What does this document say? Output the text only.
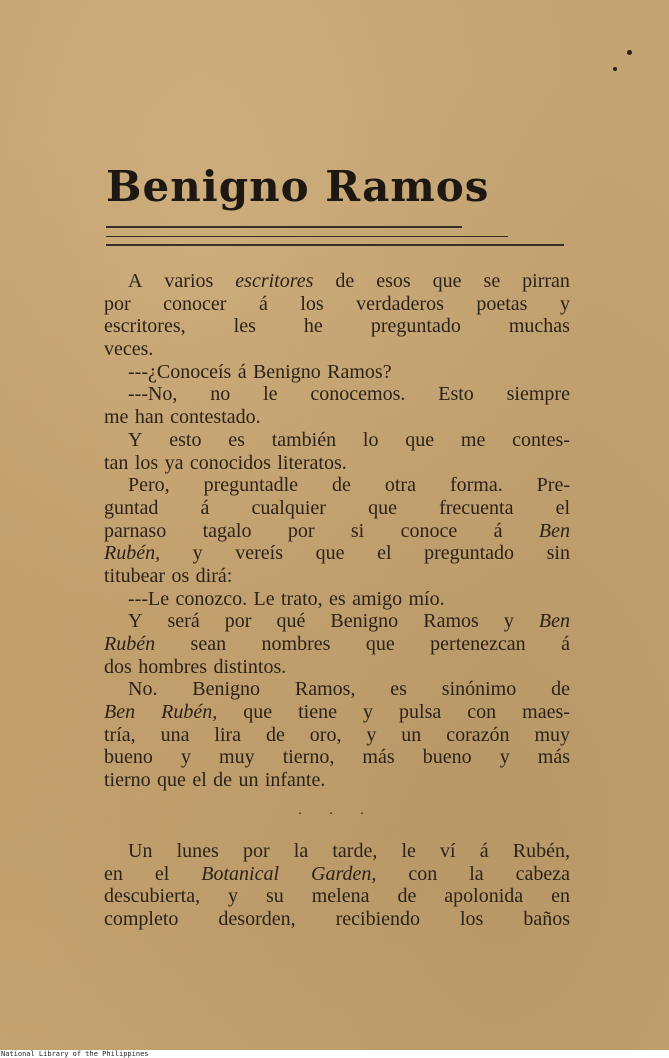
Benigno Ramos
. . .
A varios escritores de esos que se pirran
por conocer á los verdaderos poetas y
escritores, les he preguntado muchas
veces.
---¿Conoceís á Benigno Ramos?
---No, no le conocemos. Esto siempre
me han contestado.
Y esto es también lo que me contes-
tan los ya conocidos literatos.
Pero, preguntadle de otra forma. Pre-
guntad á cualquier que frecuenta el
parnaso tagalo por si conoce á Ben
Rubén, y vereís que el preguntado sin
titubear os dirá:
---Le conozco. Le trato, es amigo mío.
Y será por qué Benigno Ramos y Ben
Rubén sean nombres que pertenezcan á
dos hombres distintos.
No. Benigno Ramos, es sinónimo de
Ben Rubén, que tiene y pulsa con maes-
tría, una lira de oro, y un corazón muy
bueno y muy tierno, más bueno y más
tierno que el de un infante.
Un lunes por la tarde, le ví á Rubén,
en el Botanical Garden, con la cabeza
descubierta, y su melena de apolonida en
completo desorden, recibiendo los baños
National Library of the Philippines
